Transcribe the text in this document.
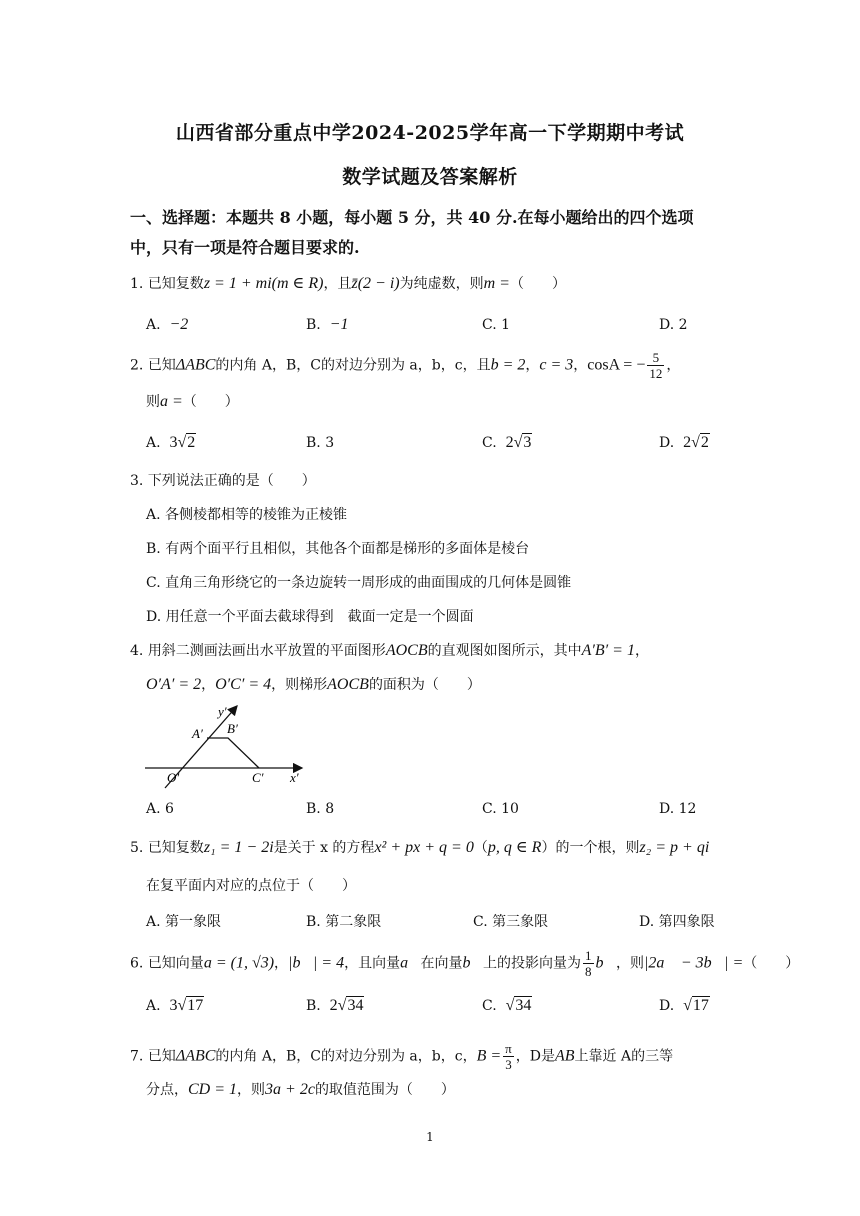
山西省部分重点中学2024-2025学年高一下学期期中考试
数学试题及答案解析
一、选择题：本题共 8 小题，每小题 5 分，共 40 分.在每小题给出的四个选项
中，只有一项是符合题目要求的.
1. 已知复数z = 1 + mi(m ∈ R)，且z̄(2 − i)为纯虚数，则m =（　　）
A. −2	B. −1	C. 1	D. 2
2. 已知ΔABC的内角 A，B，C的对边分别为 a，b，c，且b = 2，c = 3，cosA = − $\frac{5}{12}$ ，
则a =（　　）
A. 3√2	B. 3	C. 2√3	D. 2√2
3. 下列说法正确的是（　　）
A. 各侧棱都相等的棱锥为正棱锥
B. 有两个面平行且相似，其他各个面都是梯形的多面体是棱台
C. 直角三角形绕它的一条边旋转一周形成的曲面围成的几何体是圆锥
D. 用任意一个平面去截球得到　截面一定是一个圆面
4. 用斜二测画法画出水平放置的平面图形AOCB的直观图如图所示，其中A′B′ = 1，
O′A′ = 2，O′C′ = 4，则梯形AOCB的面积为（　　）
y′
A′ B′
O′	C′ x′
A. 6	B. 8	C. 10	D. 12
5. 已知复数z₁ = 1 − 2i是关于 x 的方程x² + px + q = 0（p, q ∈ R）的一个根，则z₂ = p + qi
在复平面内对应的点位于（　　）
A. 第一象限	B. 第二象限	C. 第三象限	D. 第四象限
6. 已知向量a = (1, √3)，|b⃗| = 4，且向量a⃗在向量b⃗上的投影向量为 $\frac{1}{8}$ b⃗，则|2a⃗ − 3b⃗| =（　　）
A. 3√17	B. 2√34	C. √34	D. √17
7. 已知ΔABC的内角 A，B，C的对边分别为 a，b，c，$B = \frac{\pi}{3}$ ，D是AB上靠近 A的三等
分点，CD = 1，则3a + 2c的取值范围为（　　）
1
